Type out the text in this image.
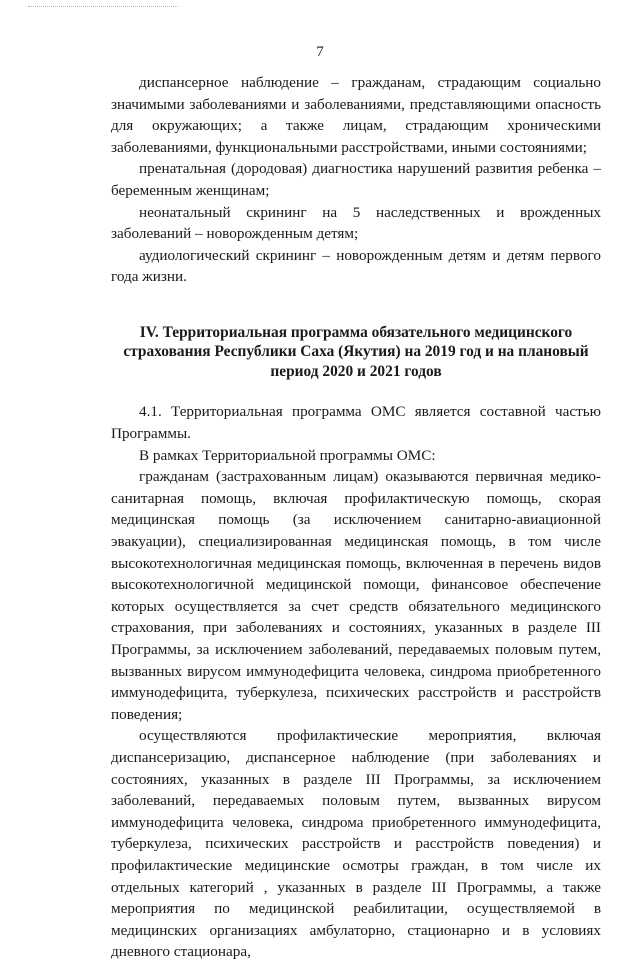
7

диспансерное наблюдение – гражданам, страдающим социально значимыми заболеваниями и заболеваниями, представляющими опасность для окружающих; а также лицам, страдающим хроническими заболеваниями, функциональными расстройствами, иными состояниями;

пренатальная (дородовая) диагностика нарушений развития ребенка – беременным женщинам;

неонатальный скрининг на 5 наследственных и врожденных заболеваний – новорожденным детям;

аудиологический скрининг – новорожденным детям и детям первого года жизни.

IV. Территориальная программа обязательного медицинского страхования Республики Саха (Якутия) на 2019 год и на плановый период 2020 и 2021 годов

4.1. Территориальная программа ОМС является составной частью Программы.

В рамках Территориальной программы ОМС:

гражданам (застрахованным лицам) оказываются первичная медико-санитарная помощь, включая профилактическую помощь, скорая медицинская помощь (за исключением санитарно-авиационной эвакуации), специализированная медицинская помощь, в том числе высокотехнологичная медицинская помощь, включенная в перечень видов высокотехнологичной медицинской помощи, финансовое обеспечение которых осуществляется за счет средств обязательного медицинского страхования, при заболеваниях и состояниях, указанных в разделе III Программы, за исключением заболеваний, передаваемых половым путем, вызванных вирусом иммунодефицита человека, синдрома приобретенного иммунодефицита, туберкулеза, психических расстройств и расстройств поведения;

осуществляются профилактические мероприятия, включая диспансеризацию, диспансерное наблюдение (при заболеваниях и состояниях, указанных в разделе III Программы, за исключением заболеваний, передаваемых половым путем, вызванных вирусом иммунодефицита человека, синдрома приобретенного иммунодефицита, туберкулеза, психических расстройств и расстройств поведения) и профилактические медицинские осмотры граждан, в том числе их отдельных категорий , указанных в разделе III Программы, а также мероприятия по медицинской реабилитации, осуществляемой в медицинских организациях амбулаторно, стационарно и в условиях дневного стационара,
